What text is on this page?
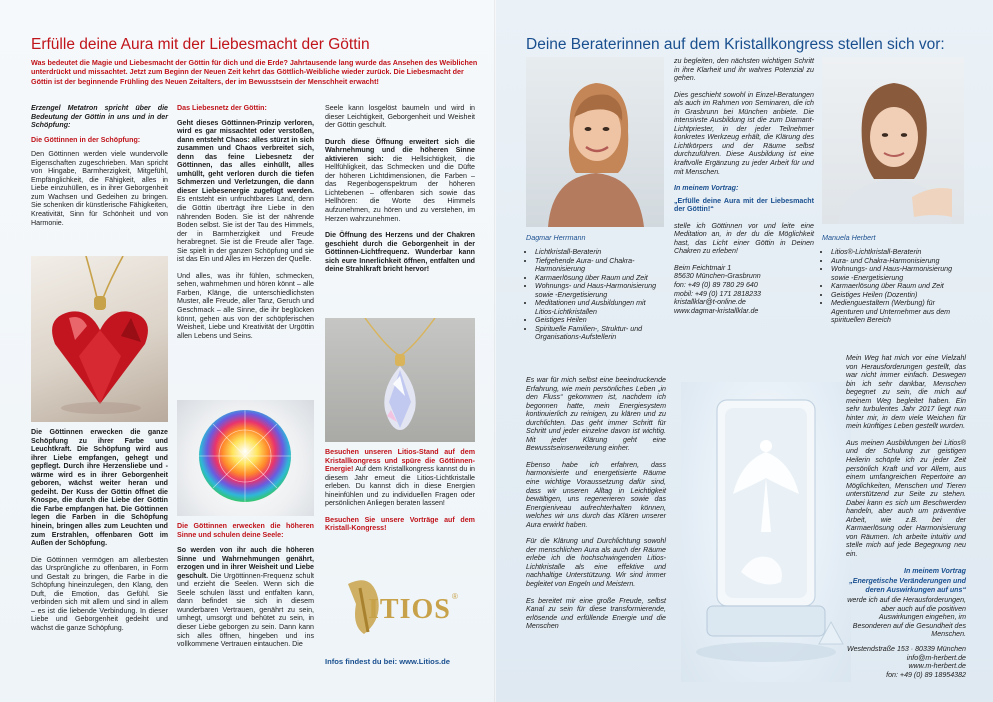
Erfülle deine Aura mit der Liebesmacht der Göttin
Was bedeutet die Magie und Liebesmacht der Göttin für dich und die Erde? Jahrtausende lang wurde das Ansehen des Weiblichen unterdrückt und missachtet. Jetzt zum Beginn der Neuen Zeit kehrt das Göttlich-Weibliche wieder zurück. Die Liebesmacht der Göttin ist der beginnende Frühling des Neuen Zeitalters, der im Bewusstsein der Menschheit erwacht!

Erzengel Metatron spricht über die Bedeutung der Göttin in uns und in der Schöpfung:

Die Göttinnen in der Schöpfung:

Den Göttinnen werden viele wundervolle Eigenschaften zugeschrieben. Man spricht von Hingabe, Barmherzigkeit, Mitgefühl, Empfänglichkeit, die Fähigkeit, alles in Liebe einzuhüllen, es in ihrer Geborgenheit zum Wachsen und Gedeihen zu bringen. Sie schenken dir künstlerische Fähigkeiten, Kreativität, Sinn für Schönheit und von Harmonie.

Die Göttinnen erwecken die ganze Schöpfung zu ihrer Farbe und Leuchtkraft. Die Schöpfung wird aus ihrer Liebe empfangen, gehegt und gepflegt. Durch ihre Herzensliebe und -wärme wird es in ihrer Geborgenheit geboren, wächst weiter heran und gedeiht. Der Kuss der Göttin öffnet die Knospe, die durch die Liebe der Göttin die Farbe empfangen hat. Die Göttinnen legen die Farben in die Schöpfung hinein, bringen alles zum Leuchten und zum Erstrahlen, offenbaren Gott im Außen der Schöpfung.

Die Göttinnen vermögen am allerbesten das Ursprüngliche zu offenbaren, in Form und Gestalt zu bringen, die Farbe in die Schöpfung hineinzulegen, den Klang, den Duft, die Emotion, das Gefühl. Sie verbinden sich mit allem und sind in allem – es ist die liebende Verbindung. In dieser Liebe und Geborgenheit gedeiht und wächst die ganze Schöpfung.

Das Liebesnetz der Göttin:

Geht dieses Göttinnen-Prinzip verloren, wird es gar missachtet oder verstoßen, dann entsteht Chaos: alles stürzt in sich zusammen und Chaos verbreitet sich, denn das feine Liebesnetz der Göttinnen, das alles einhüllt, alles umhüllt, geht verloren durch die tiefen Schmerzen und Verletzungen, die dann dieser Liebesenergie zugefügt werden. Es entsteht ein unfruchtbares Land, denn die Göttin überträgt ihre Liebe in den nährenden Boden. Sie ist der nährende Boden selbst. Sie ist der Tau des Himmels, der in Barmherzigkeit und Freude herabregnet. Sie ist die Freude aller Tage. Sie spielt in der ganzen Schöpfung und sie ist das Ein und Alles im Herzen der Quelle.

Und alles, was ihr fühlen, schmecken, sehen, wahrnehmen und hören könnt – alle Farben, Klänge, die unterschiedlichsten Muster, alle Freude, aller Tanz, Geruch und Geschmack – alle Sinne, die ihr beglücken könnt, gehen aus von der schöpferischen Weisheit, Liebe und Kreativität der Urgöttin allen Lebens und Seins.

Die Göttinnen erwecken die höheren Sinne und schulen deine Seele:

So werden von ihr auch die höheren Sinne und Wahrnehmungen genährt, erzogen und in ihrer Weisheit und Liebe geschult. Die Urgöttinnen-Frequenz schult und erzieht die Seelen. Wenn sich die Seele schulen lässt und entfalten kann, dann befindet sie sich in diesem wunderbaren Vertrauen, genährt zu sein, umhegt, umsorgt und behütet zu sein, in dieser Liebe geborgen zu sein. Dann kann sich alles öffnen, hingeben und ins vollkommene Vertrauen eintauchen. Die

Seele kann losgelöst baumeln und wird in dieser Leichtigkeit, Geborgenheit und Weisheit der Göttin geschult.

Durch diese Öffnung erweitert sich die Wahrnehmung und die höheren Sinne aktivieren sich: die Hellsichtigkeit, die Hellfühligkeit, das Schmecken und die Düfte der höheren Lichtdimensionen, die Farben – das Regenbogenspektrum der höheren Lichtebenen – offenbaren sich sowie das Hellhören: die Worte des Himmels aufzunehmen, zu hören und zu verstehen, im Herzen wahrzunehmen.

Die Öffnung des Herzens und der Chakren geschieht durch die Geborgenheit in der Göttinnen-Lichtfrequenz. Wunderbar kann sich eure Innerlichkeit öffnen, entfalten und deine Strahlkraft bricht hervor!

Besuchen unseren Litios-Stand auf dem Kristallkongress und spüre die Göttinnen-Energie! Auf dem Kristallkongress kannst du in diesem Jahr erneut die Litios-Lichtkristalle erleben. Du kannst dich in diese Energien hineinfühlen und zu individuellen Fragen oder persönlichen Anliegen beraten lassen!

Besuchen Sie unsere Vorträge auf dem Kristall-Kongress!

ITIOS ®
Infos findest du bei: www.Litios.de
Deine Beraterinnen auf dem Kristallkongress stellen sich vor:
Dagmar Herrmann	Manuela Herbert
• Lichtkristall-Beraterin
• Tiefgehende Aura- und Chakra-Harmonisierung
• Karmaerlösung über Raum und Zeit
• Wohnungs- und Haus-Harmonisierung sowie -Energetisierung
• Meditationen und Ausbildungen mit Litios-Lichtkristallen
• Geistiges Heilen
• Spirituelle Familien-, Struktur- und Organisations-Aufstellerin

Es war für mich selbst eine beeindruckende Erfahrung, wie mein persönliches Leben „in den Fluss“ gekommen ist, nachdem ich begonnen hatte, mein Energiesystem kontinuierlich zu reinigen, zu klären und zu durchlichten. Das geht immer Schritt für Schritt und jeder einzelne davon ist wichtig. Mit jeder Klärung geht eine Bewusstseinserweiterung einher.

Ebenso habe ich erfahren, dass harmonisierte und energetisierte Räume eine wichtige Voraussetzung dafür sind, dass wir unseren Alltag in Leichtigkeit bewältigen, uns regenerieren sowie das Energieniveau aufrechterhalten können, welches wir uns durch das Klären unserer Aura erwirkt haben.

Für die Klärung und Durchlichtung sowohl der menschlichen Aura als auch der Räume erlebe ich die hochschwingenden Litios-Lichtkristalle als eine effektive und nachhaltige Unterstützung. Wir sind immer begleitet von Engeln und Meistern.

Es bereitet mir eine große Freude, selbst Kanal zu sein für diese transformierende, erlösende und erfüllende Energie und die Menschen

zu begleiten, den nächsten wichtigen Schritt in ihre Klarheit und ihr wahres Potenzial zu gehen.

Dies geschieht sowohl in Einzel-Beratungen als auch im Rahmen von Seminaren, die ich in Grasbrunn bei München anbiete. Die intensivste Ausbildung ist die zum Diamant-Lichtpriester, in der jeder Teilnehmer konkretes Werkzeug erhält, die Klärung des Lichtkörpers und der Räume selbst durchzuführen. Diese Ausbildung ist eine kraftvolle Ergänzung zu jeder Arbeit für und mit Menschen.

In meinem Vortrag:

„Erfülle deine Aura mit der Liebesmacht der Göttin!“

stelle ich Göttinnen vor und leite eine Meditation an, in der du die Möglichkeit hast, das Licht einer Göttin in Deinen Chakren zu erleben!

Beim Feichtmair 1
85630 München-Grasbrunn
fon: +49 (0) 89 780 29 640
mobil: +49 (0) 171 2818233
kristallklar@t-online.de
www.dagmar-kristallklar.de

• Litios®-Lichtkristall-Beraterin
• Aura- und Chakra-Harmonisierung
• Wohnungs- und Haus-Harmonisierung sowie -Energetisierung
• Karmaerlösung über Raum und Zeit
• Geistiges Heilen (Dozentin)
• Medienguestaltern (Werbung) für Agenturen und Unternehmer aus dem spirituellen Bereich

Mein Weg hat mich vor eine Vielzahl von Herausforderungen gestellt, das war nicht immer einfach. Deswegen bin ich sehr dankbar, Menschen begegnet zu sein, die mich auf meinem Weg begleitet haben. Ein sehr turbulentes Jahr 2017 liegt nun hinter mir, in dem viele Weichen für mein künftiges Leben gestellt wurden.

Aus meinen Ausbildungen bei Litios® und der Schulung zur geistigen Heilerin schöpfe ich zu jeder Zeit persönlich Kraft und vor Allem, aus einem umfangreichen Repertoire an Möglichkeiten, Menschen und Tieren unterstützend zur Seite zu stehen. Dabei kann es sich um Beschwerden handeln, aber auch um präventive Arbeit, wie z.B. bei der Karmaerlösung oder Harmonisierung von Räumen. Ich arbeite intuitiv und stelle mich auf jede Begegnung neu ein.

In meinem Vortrag

„Energetische Veränderungen und deren Auswirkungen auf uns“

werde ich auf die Herausforderungen, aber auch auf die positiven Auswirkungen eingehen, im Besonderen auf die Gesundheit des Menschen.

Westendstraße 153 · 80339 München
info@m-herbert.de
www.m-herbert.de
fon: +49 (0) 89 18954382
